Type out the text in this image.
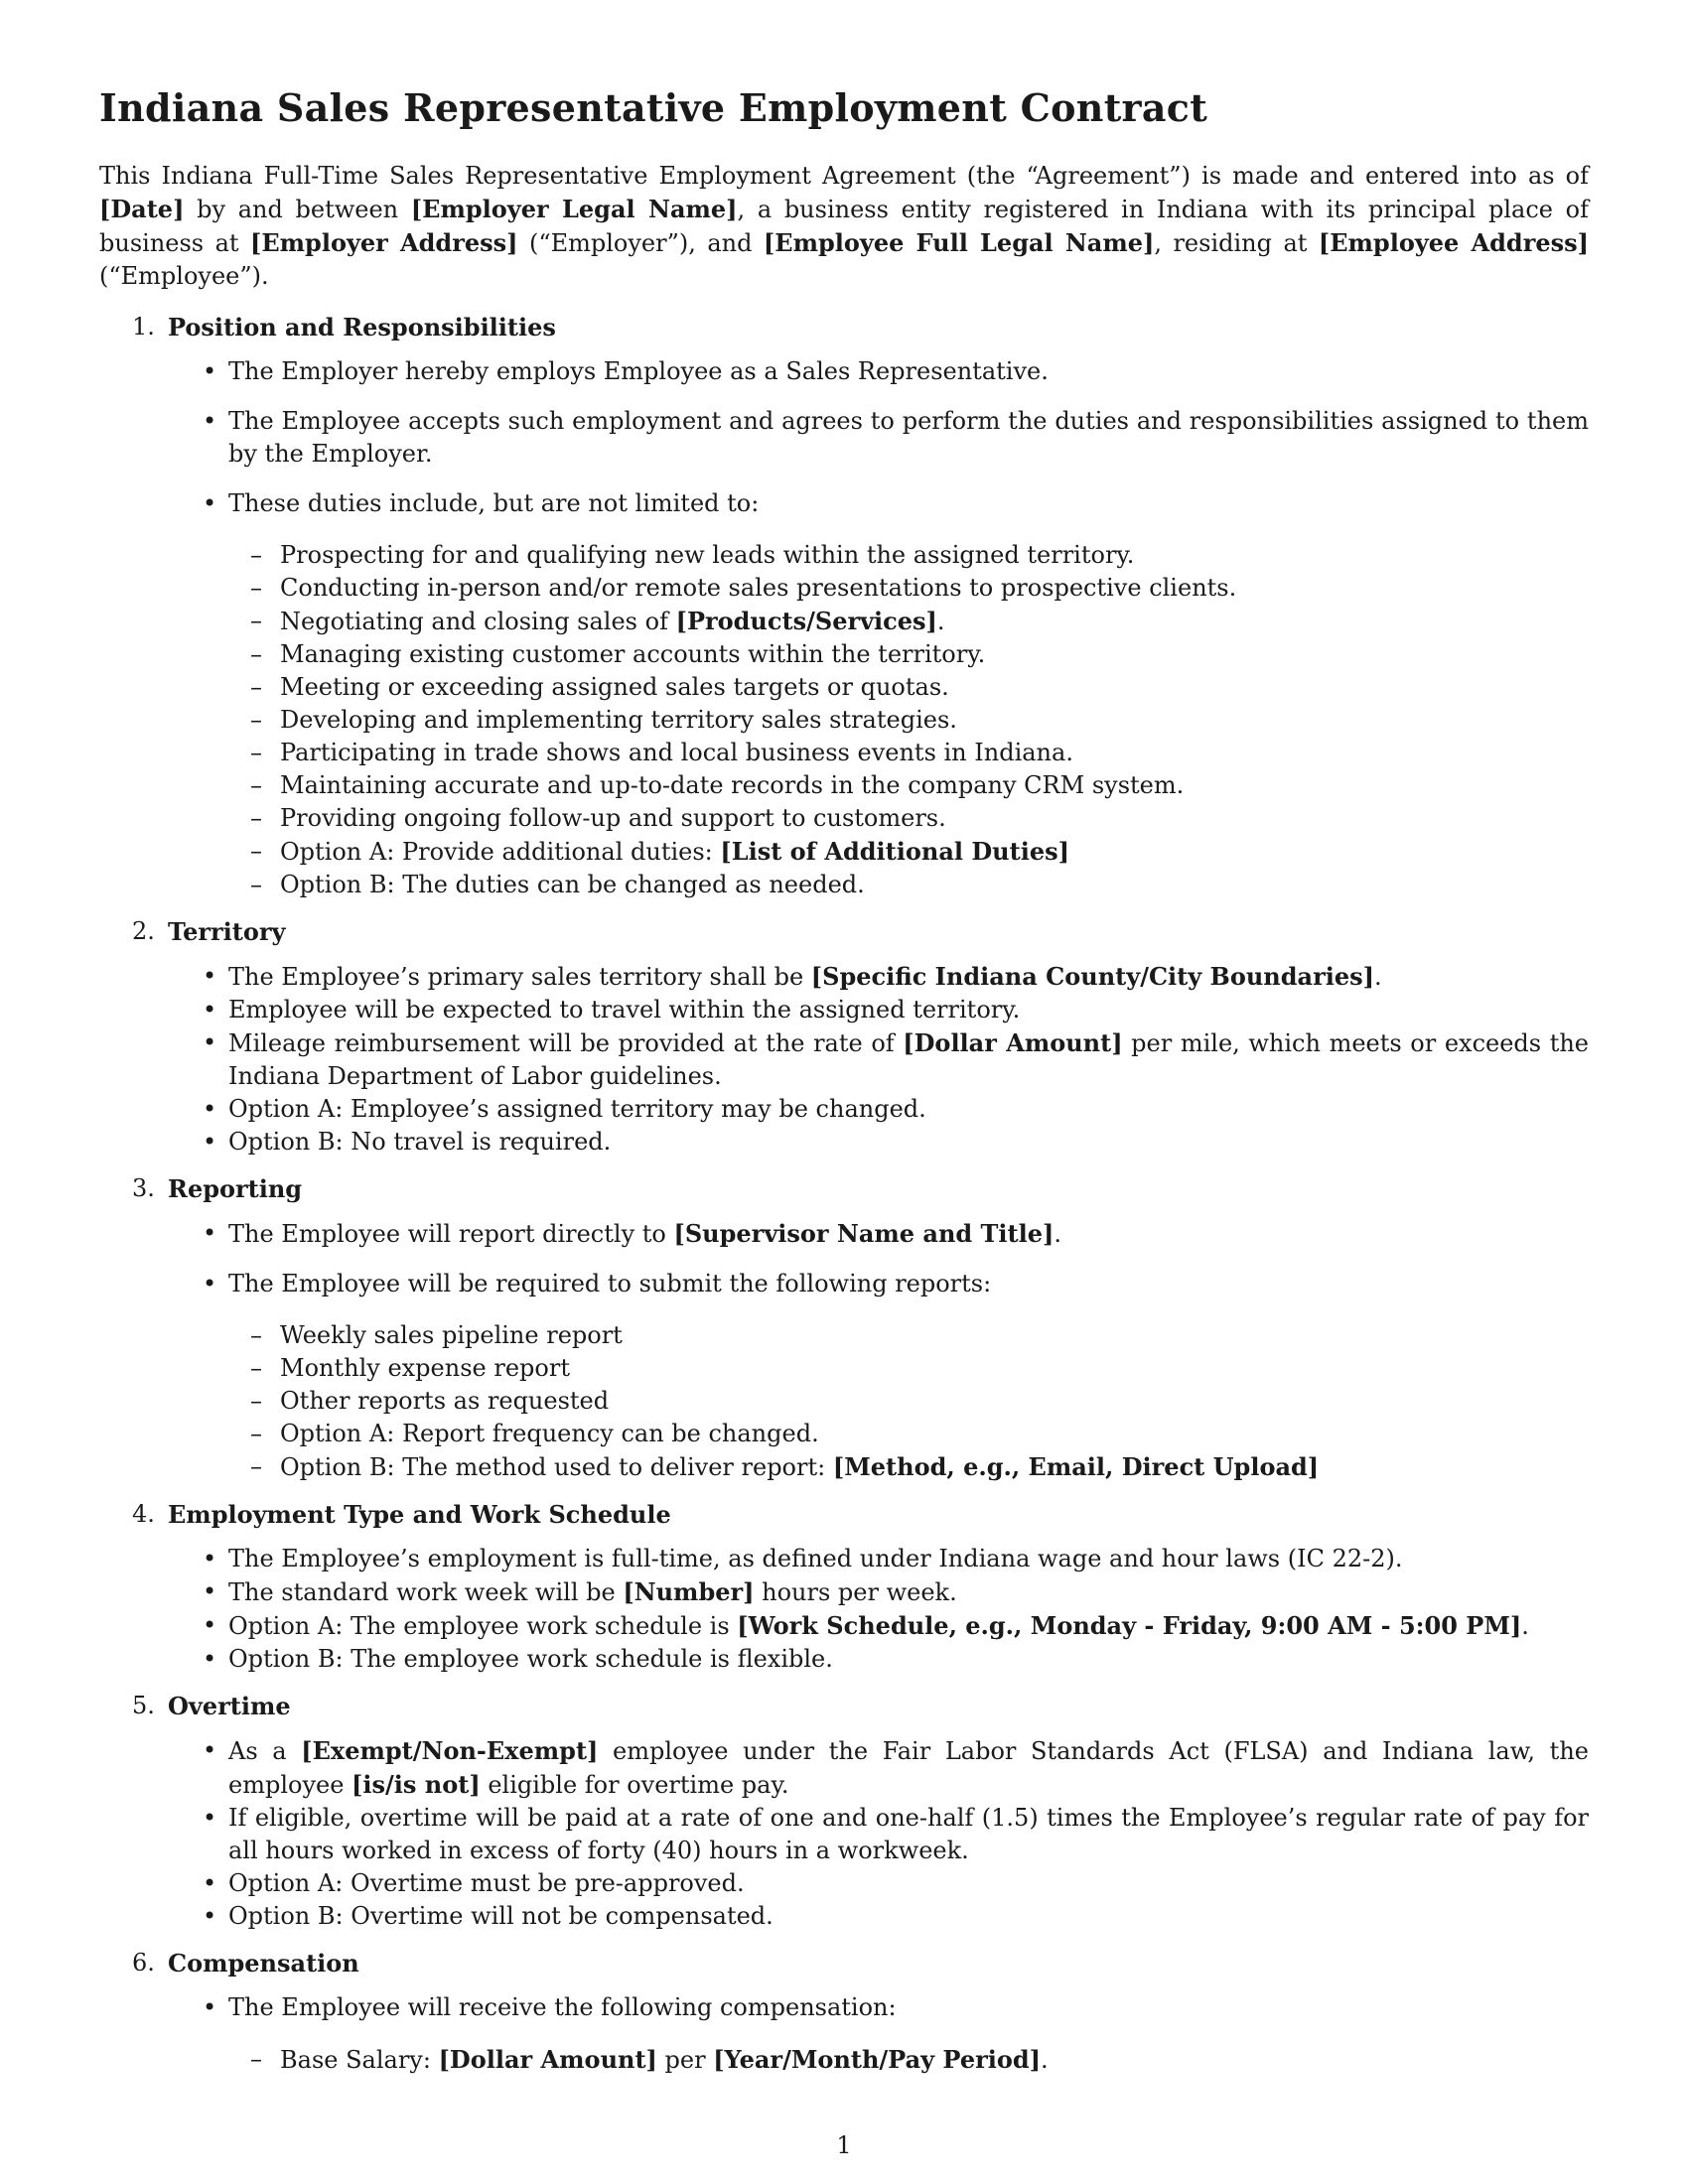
Indiana Sales Representative Employment Contract

This Indiana Full-Time Sales Representative Employment Agreement (the “Agreement”) is made and entered into as of [Date] by and between [Employer Legal Name], a business entity registered in Indiana with its principal place of business at [Employer Address] (“Employer”), and [Employee Full Legal Name], residing at [Employee Address] (“Employee”).

1. Position and Responsibilities
• The Employer hereby employs Employee as a Sales Representative.
• The Employee accepts such employment and agrees to perform the duties and responsibilities assigned to them by the Employer.
• These duties include, but are not limited to:
– Prospecting for and qualifying new leads within the assigned territory.
– Conducting in-person and/or remote sales presentations to prospective clients.
– Negotiating and closing sales of [Products/Services].
– Managing existing customer accounts within the territory.
– Meeting or exceeding assigned sales targets or quotas.
– Developing and implementing territory sales strategies.
– Participating in trade shows and local business events in Indiana.
– Maintaining accurate and up-to-date records in the company CRM system.
– Providing ongoing follow-up and support to customers.
– Option A: Provide additional duties: [List of Additional Duties]
– Option B: The duties can be changed as needed.
2. Territory
• The Employee’s primary sales territory shall be [Specific Indiana County/City Boundaries].
• Employee will be expected to travel within the assigned territory.
• Mileage reimbursement will be provided at the rate of [Dollar Amount] per mile, which meets or exceeds the Indiana Department of Labor guidelines.
• Option A: Employee’s assigned territory may be changed.
• Option B: No travel is required.
3. Reporting
• The Employee will report directly to [Supervisor Name and Title].
• The Employee will be required to submit the following reports:
– Weekly sales pipeline report
– Monthly expense report
– Other reports as requested
– Option A: Report frequency can be changed.
– Option B: The method used to deliver report: [Method, e.g., Email, Direct Upload]
4. Employment Type and Work Schedule
• The Employee’s employment is full-time, as defined under Indiana wage and hour laws (IC 22-2).
• The standard work week will be [Number] hours per week.
• Option A: The employee work schedule is [Work Schedule, e.g., Monday - Friday, 9:00 AM - 5:00 PM].
• Option B: The employee work schedule is flexible.
5. Overtime
• As a [Exempt/Non-Exempt] employee under the Fair Labor Standards Act (FLSA) and Indiana law, the employee [is/is not] eligible for overtime pay.
• If eligible, overtime will be paid at a rate of one and one-half (1.5) times the Employee’s regular rate of pay for all hours worked in excess of forty (40) hours in a workweek.
• Option A: Overtime must be pre-approved.
• Option B: Overtime will not be compensated.
6. Compensation
• The Employee will receive the following compensation:
– Base Salary: [Dollar Amount] per [Year/Month/Pay Period].
1
